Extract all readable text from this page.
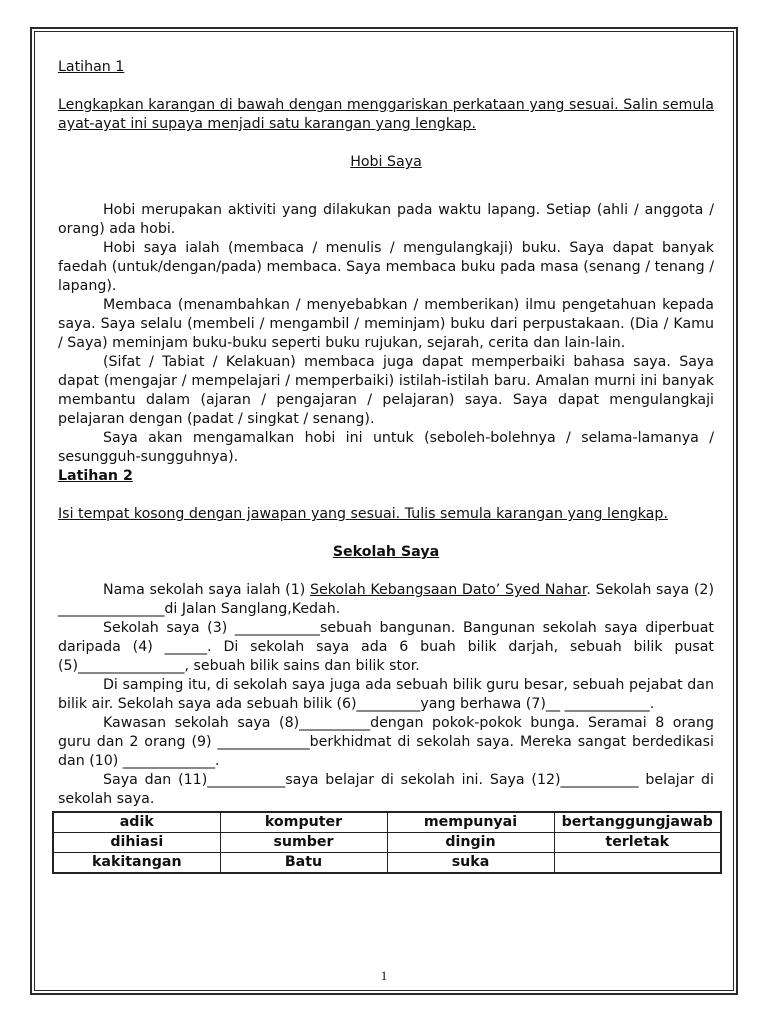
Latihan 1

Lengkapkan karangan di bawah dengan menggariskan perkataan yang sesuai. Salin semula ayat-ayat ini supaya menjadi satu karangan yang lengkap.

Hobi Saya

Hobi merupakan aktiviti yang dilakukan pada waktu lapang. Setiap (ahli / anggota / orang) ada hobi.

Hobi saya ialah (membaca / menulis / mengulangkaji) buku. Saya dapat banyak faedah (untuk/dengan/pada) membaca. Saya membaca buku pada masa (senang / tenang / lapang).

Membaca (menambahkan / menyebabkan / memberikan) ilmu pengetahuan kepada saya. Saya selalu (membeli / mengambil / meminjam) buku dari perpustakaan. (Dia / Kamu / Saya) meminjam buku-buku seperti buku rujukan, sejarah, cerita dan lain-lain.

(Sifat / Tabiat / Kelakuan) membaca juga dapat memperbaiki bahasa saya. Saya dapat (mengajar / mempelajari / memperbaiki) istilah-istilah baru. Amalan murni ini banyak membantu dalam (ajaran / pengajaran / pelajaran) saya. Saya dapat mengulangkaji pelajaran dengan (padat / singkat / senang).

Saya akan mengamalkan hobi ini untuk (seboleh-bolehnya / selama-lamanya / sesungguh-sungguhnya).

Latihan 2

Isi tempat kosong dengan jawapan yang sesuai. Tulis semula karangan yang lengkap.

Sekolah Saya

Nama sekolah saya ialah (1) Sekolah Kebangsaan Dato’ Syed Nahar. Sekolah saya (2) _______________di Jalan Sanglang,Kedah.

Sekolah saya (3) ____________sebuah bangunan. Bangunan sekolah saya diperbuat daripada (4) ______. Di sekolah saya ada 6 buah bilik darjah, sebuah bilik pusat (5)_______________, sebuah bilik sains dan bilik stor.

Di samping itu, di sekolah saya juga ada sebuah bilik guru besar, sebuah pejabat dan bilik air. Sekolah saya ada sebuah bilik (6)_________yang berhawa (7)__ ____________.

Kawasan sekolah saya (8)__________dengan pokok-pokok bunga. Seramai 8 orang guru dan 2 orang (9) _____________berkhidmat di sekolah saya. Mereka sangat berdedikasi dan (10) _____________.

Saya dan (11)___________saya belajar di sekolah ini. Saya (12)___________ belajar di sekolah saya.

adik	komputer	mempunyai	bertanggungjawab
dihiasi	sumber	dingin	terletak
kakitangan	Batu	suka	
1
